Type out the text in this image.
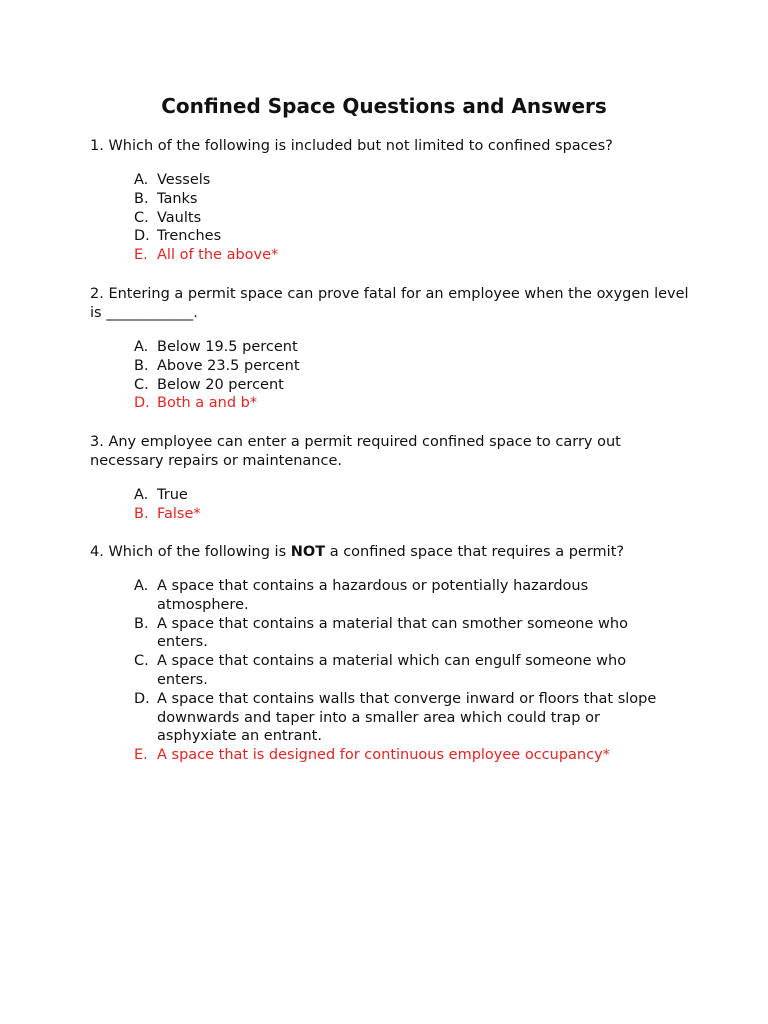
Confined Space Questions and Answers

1. Which of the following is included but not limited to confined spaces?

A. Vessels
B. Tanks
C. Vaults
D. Trenches
E. All of the above*

2. Entering a permit space can prove fatal for an employee when the oxygen level is ____________.

A. Below 19.5 percent
B. Above 23.5 percent
C. Below 20 percent
D. Both a and b*

3. Any employee can enter a permit required confined space to carry out necessary repairs or maintenance.

A. True
B. False*

4. Which of the following is NOT a confined space that requires a permit?

A. A space that contains a hazardous or potentially hazardous atmosphere.
B. A space that contains a material that can smother someone who enters.
C. A space that contains a material which can engulf someone who enters.
D. A space that contains walls that converge inward or floors that slope downwards and taper into a smaller area which could trap or asphyxiate an entrant.
E. A space that is designed for continuous employee occupancy*
